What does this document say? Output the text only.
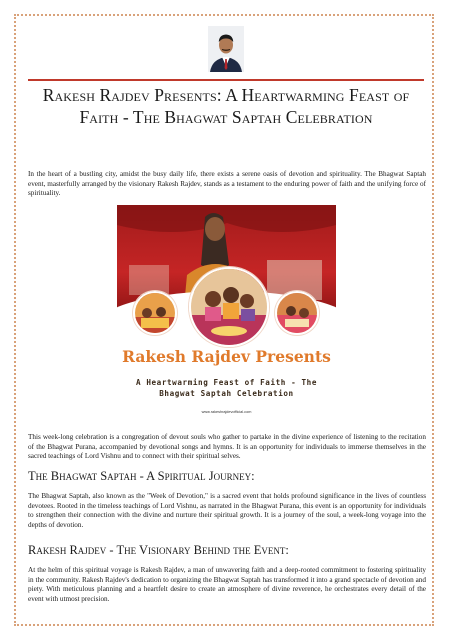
Rakesh Rajdev Presents: A Heartwarming Feast of Faith - The Bhagwat Saptah Celebration

In the heart of a bustling city, amidst the busy daily life, there exists a serene oasis of devotion and spirituality. The Bhagwat Saptah event, masterfully arranged by the visionary Rakesh Rajdev, stands as a testament to the enduring power of faith and the unifying force of spirituality.

Rakesh Rajdev Presents
A Heartwarming Feast of Faith - The
Bhagwat Saptah Celebration
www.rakeshrajdevofficial.com

This week-long celebration is a congregation of devout souls who gather to partake in the divine experience of listening to the recitation of the Bhagwat Purana, accompanied by devotional songs and hymns. It is an opportunity for individuals to immerse themselves in the sacred teachings of Lord Vishnu and to connect with their spiritual selves.

The Bhagwat Saptah - A Spiritual Journey:

The Bhagwat Saptah, also known as the "Week of Devotion," is a sacred event that holds profound significance in the lives of countless devotees. Rooted in the timeless teachings of Lord Vishnu, as narrated in the Bhagwat Purana, this event is an opportunity for individuals to strengthen their connection with the divine and nurture their spiritual growth. It is a journey of the soul, a week-long voyage into the depths of devotion.

Rakesh Rajdev - The Visionary Behind the Event:

At the helm of this spiritual voyage is Rakesh Rajdev, a man of unwavering faith and a deep-rooted commitment to fostering spirituality in the community. Rakesh Rajdev's dedication to organizing the Bhagwat Saptah has transformed it into a grand spectacle of devotion and piety. With meticulous planning and a heartfelt desire to create an atmosphere of divine reverence, he orchestrates every detail of the event with utmost precision.
